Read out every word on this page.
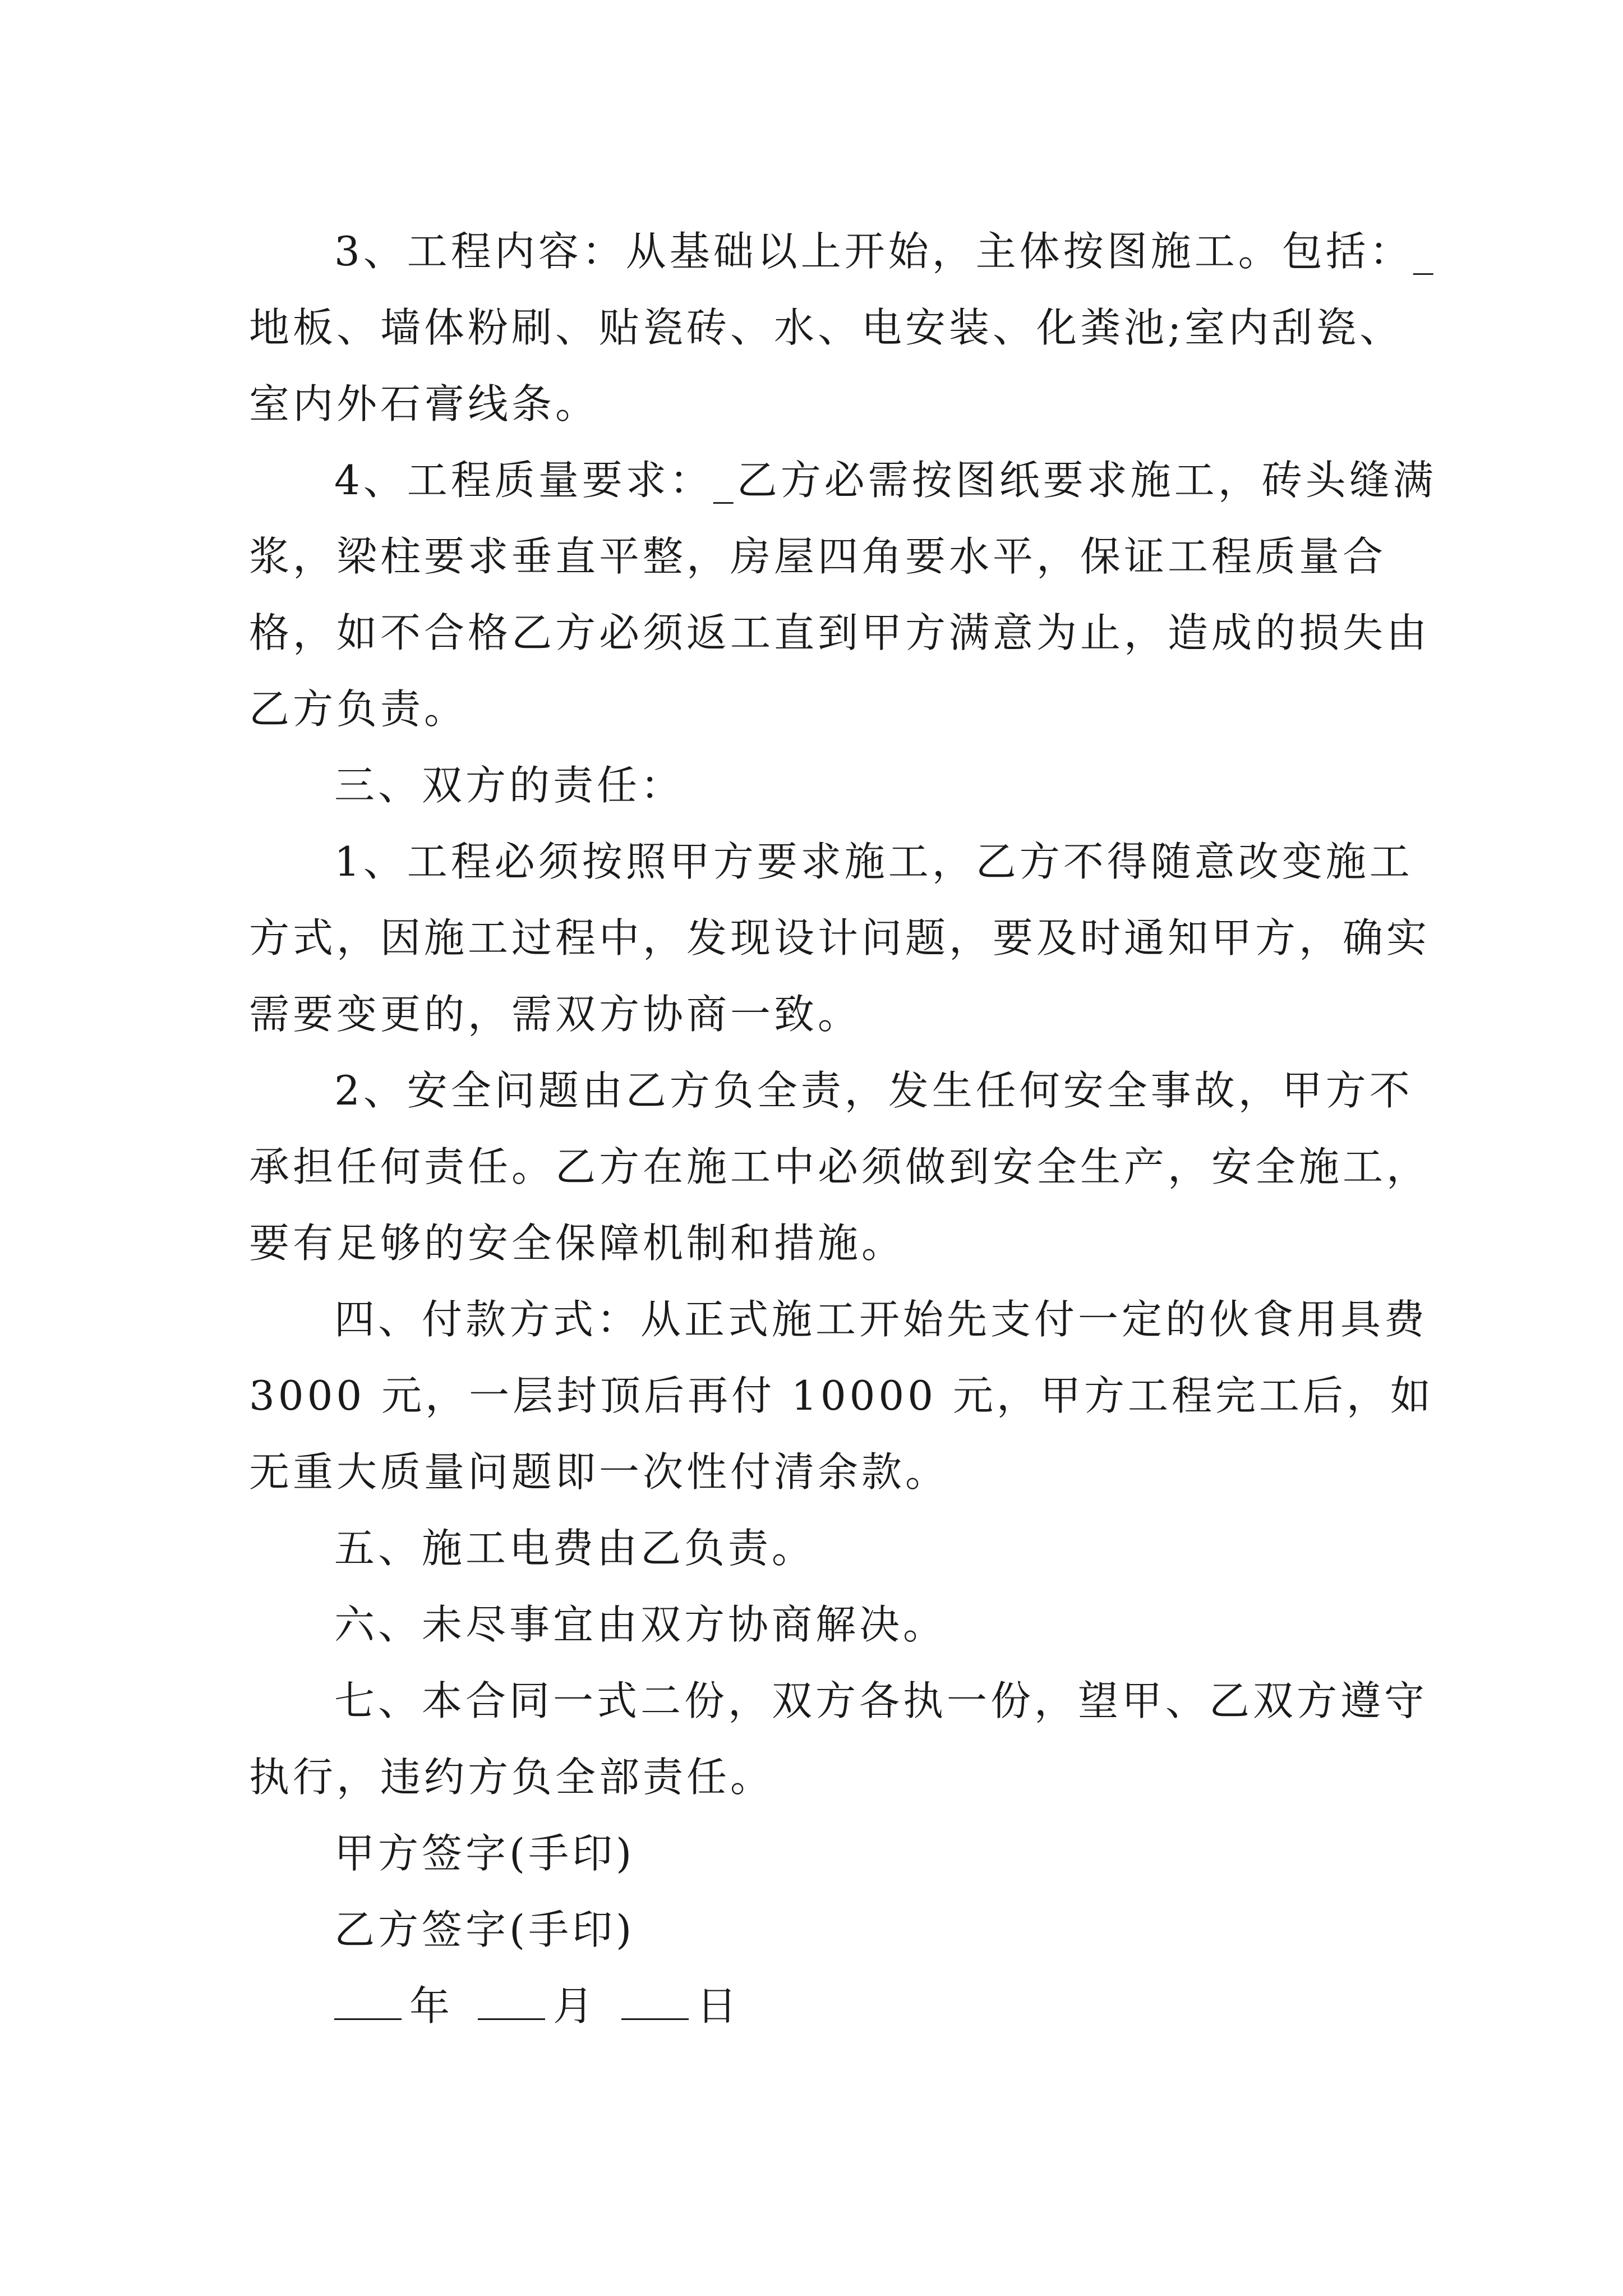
3、工程内容：从基础以上开始，主体按图施工。包括：_地板、墙体粉刷、贴瓷砖、水、电安装、化粪池;室内刮瓷、室内外石膏线条。

4、工程质量要求：_乙方必需按图纸要求施工，砖头缝满浆，梁柱要求垂直平整，房屋四角要水平，保证工程质量合格，如不合格乙方必须返工直到甲方满意为止，造成的损失由乙方负责。

三、双方的责任：

1、工程必须按照甲方要求施工，乙方不得随意改变施工方式，因施工过程中，发现设计问题，要及时通知甲方，确实需要变更的，需双方协商一致。

2、安全问题由乙方负全责，发生任何安全事故，甲方不承担任何责任。乙方在施工中必须做到安全生产，安全施工，要有足够的安全保障机制和措施。

四、付款方式：从正式施工开始先支付一定的伙食用具费 3000 元，一层封顶后再付 10000 元，甲方工程完工后，如无重大质量问题即一次性付清余款。

五、施工电费由乙负责。

六、未尽事宜由双方协商解决。

七、本合同一式二份，双方各执一份，望甲、乙双方遵守执行，违约方负全部责任。

甲方签字(手印)

乙方签字(手印)

年 月 日
